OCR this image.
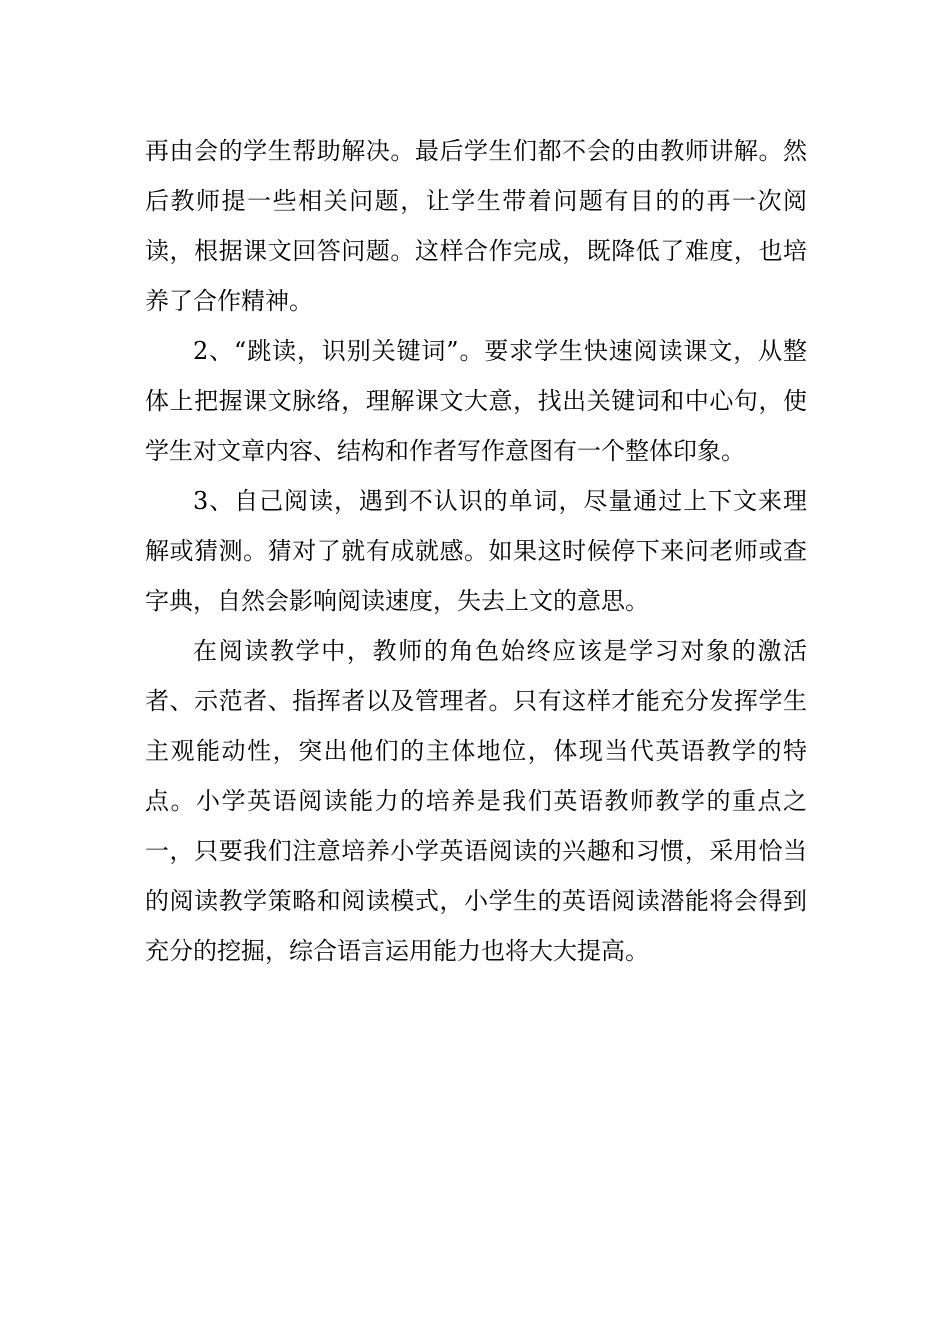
再由会的学生帮助解决。最后学生们都不会的由教师讲解。然后教师提一些相关问题，让学生带着问题有目的的再一次阅读，根据课文回答问题。这样合作完成，既降低了难度，也培养了合作精神。

2、“跳读，识别关键词”。要求学生快速阅读课文，从整体上把握课文脉络，理解课文大意，找出关键词和中心句，使学生对文章内容、结构和作者写作意图有一个整体印象。

3、自己阅读，遇到不认识的单词，尽量通过上下文来理解或猜测。猜对了就有成就感。如果这时候停下来问老师或查字典，自然会影响阅读速度，失去上文的意思。

在阅读教学中，教师的角色始终应该是学习对象的激活者、示范者、指挥者以及管理者。只有这样才能充分发挥学生主观能动性，突出他们的主体地位，体现当代英语教学的特点。小学英语阅读能力的培养是我们英语教师教学的重点之一，只要我们注意培养小学英语阅读的兴趣和习惯，采用恰当的阅读教学策略和阅读模式，小学生的英语阅读潜能将会得到充分的挖掘，综合语言运用能力也将大大提高。
